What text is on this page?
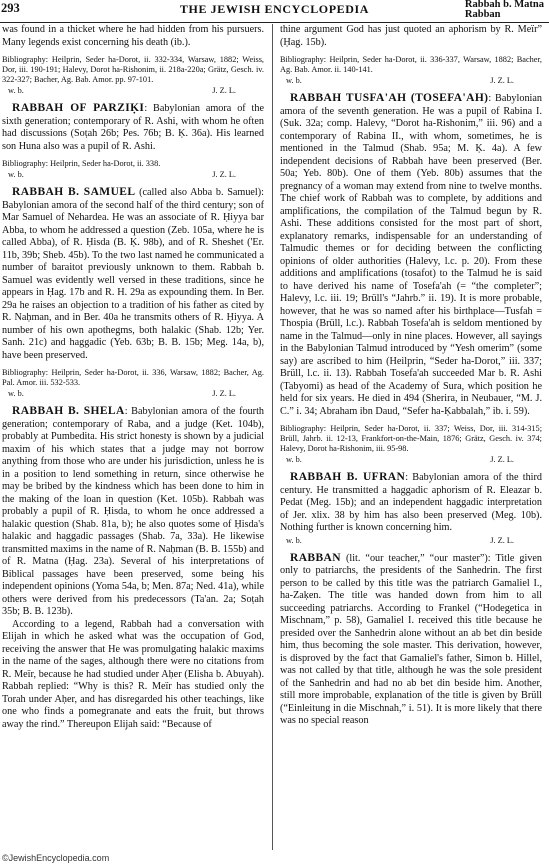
293	THE JEWISH ENCYCLOPEDIA	Rabbah b. Matna
Rabban

was found in a thicket where he had hidden from his pursuers. Many legends exist concerning his death (ib.).

Bibliography: Heilprin, Seder ha-Dorot, ii. 332-334, Warsaw, 1882; Weiss, Dor, iii. 190-191; Halevy, Dorot ha-Rishonim, ii. 218a-220a; Grätz, Gesch. iv. 322-327; Bacher, Ag. Bab. Amor. pp. 97-101.

w. b.	J. Z. L.

RABBAH OF PARZIḲI: Babylonian amora of the sixth generation; contemporary of R. Ashi, with whom he often had discussions (Soṭah 26b; Pes. 76b; B. Ḳ. 36a). His learned son Huna also was a pupil of R. Ashi.

Bibliography: Heilprin, Seder ha-Dorot, ii. 338.

w. b.	J. Z. L.

RABBAH B. SAMUEL (called also Abba b. Samuel): Babylonian amora of the second half of the third century; son of Mar Samuel of Nehardea. He was an associate of R. Ḥiyya bar Abba, to whom he addressed a question (Zeb. 105a, where he is called Abba), of R. Ḥisda (B. Ḳ. 98b), and of R. Sheshet ('Er. 11b, 39b; Sheb. 45b). To the two last named he communicated a number of baraitot previously unknown to them. Rabbah b. Samuel was evidently well versed in these traditions, since he appears in Ḥag. 17b and R. H. 29a as expounding them. In Ber. 29a he raises an objection to a tradition of his father as cited by R. Naḥman, and in Ber. 40a he transmits others of R. Ḥiyya. A number of his own apothegms, both halakic (Shab. 12b; Yer. Sanh. 21c) and haggadic (Yeb. 63b; B. B. 15b; Meg. 14a, b), have been preserved.

Bibliography: Heilprin, Seder ha-Dorot, ii. 336, Warsaw, 1882; Bacher, Ag. Pal. Amor. iii. 532-533.

w. b.	J. Z. L.

RABBAH B. SHELA: Babylonian amora of the fourth generation; contemporary of Raba, and a judge (Ket. 104b), probably at Pumbedita. His strict honesty is shown by a judicial maxim of his which states that a judge may not borrow anything from those who are under his jurisdiction, unless he is in a position to lend something in return, since otherwise he may be bribed by the kindness which has been done to him in the making of the loan in question (Ket. 105b). Rabbah was probably a pupil of R. Ḥisda, to whom he once addressed a halakic question (Shab. 81a, b); he also quotes some of Ḥisda's halakic and haggadic passages (Shab. 7a, 33a). He likewise transmitted maxims in the name of R. Naḥman (B. B. 155b) and of R. Matna (Ḥag. 23a). Several of his interpretations of Biblical passages have been preserved, some being his independent opinions (Yoma 54a, b; Men. 87a; Ned. 41a), while others were derived from his predecessors (Ta'an. 2a; Soṭah 35b; B. B. 123b).

According to a legend, Rabbah had a conversation with Elijah in which he asked what was the occupation of God, receiving the answer that He was promulgating halakic maxims in the name of the sages, although there were no citations from R. Meïr, because he had studied under Aḥer (Elisha b. Abuyah). Rabbah replied: “Why is this? R. Meïr has studied only the Torah under Aḥer, and has disregarded his other teachings, like one who finds a pomegranate and eats the fruit, but throws away the rind.” Thereupon Elijah said: “Because of

thine argument God has just quoted an aphorism by R. Meïr” (Ḥag. 15b).

Bibliography: Heilprin, Seder ha-Dorot, ii. 336-337, Warsaw, 1882; Bacher, Ag. Bab. Amor. ii. 140-141.

w. b.	J. Z. L.

RABBAH TUSFA'AH (TOSEFA'AH): Babylonian amora of the seventh generation. He was a pupil of Rabina I. (Suk. 32a; comp. Halevy, “Dorot ha-Rishonim,” iii. 96) and a contemporary of Rabina II., with whom, sometimes, he is mentioned in the Talmud (Shab. 95a; M. Ḳ. 4a). A few independent decisions of Rabbah have been preserved (Ber. 50a; Yeb. 80b). One of them (Yeb. 80b) assumes that the pregnancy of a woman may extend from nine to twelve months. The chief work of Rabbah was to complete, by additions and amplifications, the compilation of the Talmud begun by R. Ashi. These additions consisted for the most part of short, explanatory remarks, indispensable for an understanding of Talmudic themes or for deciding between the conflicting opinions of older authorities (Halevy, l.c. p. 20). From these additions and amplifications (tosafot) to the Talmud he is said to have derived his name of Tosefa'ah (= “the completer”; Halevy, l.c. iii. 19; Brüll's “Jahrb.” ii. 19). It is more probable, however, that he was so named after his birthplace—Tusfah = Thospia (Brüll, l.c.). Rabbah Tosefa'ah is seldom mentioned by name in the Talmud—only in nine places. However, all sayings in the Babylonian Talmud introduced by “Yesh omerim” (some say) are ascribed to him (Heilprin, “Seder ha-Dorot,” iii. 337; Brüll, l.c. ii. 13). Rabbah Tosefa'ah succeeded Mar b. R. Ashi (Tabyomi) as head of the Academy of Sura, which position he held for six years. He died in 494 (Sherira, in Neubauer, “M. J. C.” i. 34; Abraham ibn Daud, “Sefer ha-Ḳabbalah,” ib. i. 59).

Bibliography: Heilprin, Seder ha-Dorot, ii. 337; Weiss, Dor, iii. 314-315; Brüll, Jahrb. ii. 12-13, Frankfort-on-the-Main, 1876; Grätz, Gesch. iv. 374; Halevy, Dorot ha-Rishonim, iii. 95-98.

w. b.	J. Z. L.

RABBAH B. UFRAN: Babylonian amora of the third century. He transmitted a haggadic aphorism of R. Eleazar b. Pedat (Meg. 15b); and an independent haggadic interpretation of Jer. xlix. 38 by him has also been preserved (Meg. 10b). Nothing further is known concerning him.

w. b.	J. Z. L.

RABBAN (lit. “our teacher,” “our master”): Title given only to patriarchs, the presidents of the Sanhedrin. The first person to be called by this title was the patriarch Gamaliel I., ha-Zaḳen. The title was handed down from him to all succeeding patriarchs. According to Frankel (“Hodegetica in Mischnam,” p. 58), Gamaliel I. received this title because he presided over the Sanhedrin alone without an ab bet din beside him, thus becoming the sole master. This derivation, however, is disproved by the fact that Gamaliel's father, Simon b. Hillel, was not called by that title, although he was the sole president of the Sanhedrin and had no ab bet din beside him. Another, still more improbable, explanation of the title is given by Brüll (“Einleitung in die Mischnah,” i. 51). It is more likely that there was no special reason

© JewishEncyclopedia.com
